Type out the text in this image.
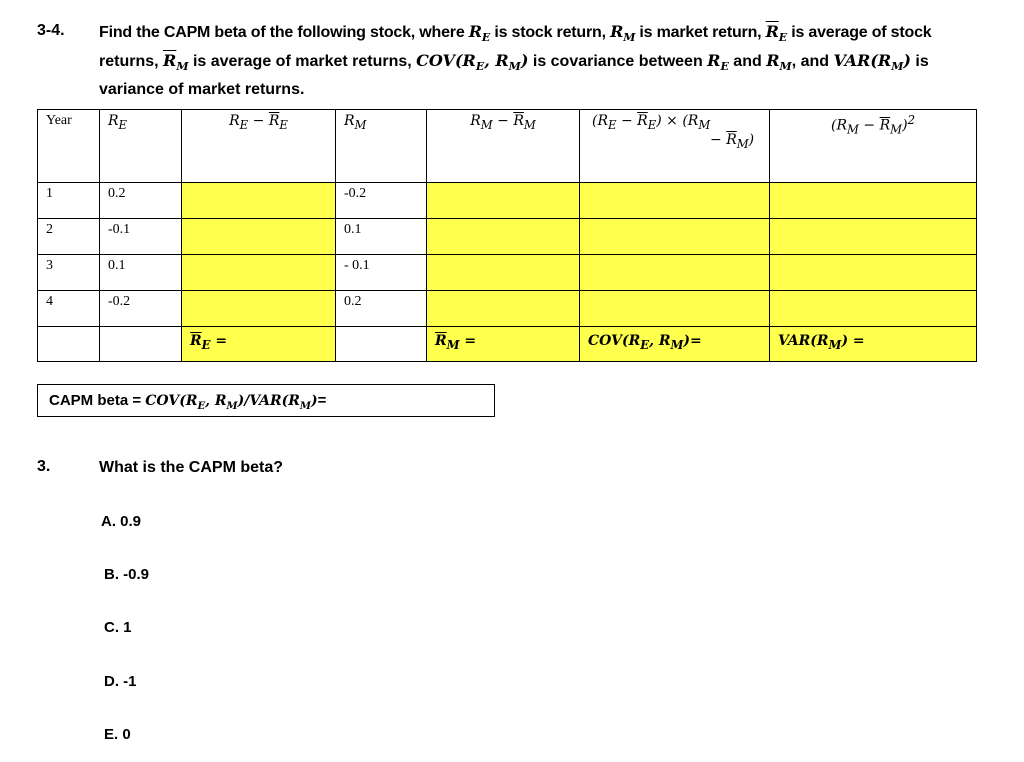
3-4. Find the CAPM beta of the following stock, where $R_E$ is stock return, $R_M$ is market return, $\overline{R}_E$ is average of stock
returns, $\overline{R}_M$ is average of market returns, $COV(R_E$, $R_M$) is covariance between $R_E$ and $R_M$, and $VAR(R_M)$ is
variance of market returns.
Year	$R_E$	$R_E - \overline{R}_E$	$R_M$	$R_M - \overline{R}_M$	$(R_E - \overline{R}_E) \times (R_M$
− $\overline{R}_M$)	$(R_M - \overline{R}_M)^2$

1	0.2		-0.2			

2	-0.1		0.1			

3	0.1		- 0.1			

4	-0.2		0.2			

		$\overline{R}_E$ =		$\overline{R}_M$ =	$COV(R_E$, $R_M)=$	$VAR(R_M)$ =
CAPM beta = $COV(R_E$, $R_M)/VAR(R_M)=$
3.	What is the CAPM beta?
A. 0.9
B. -0.9
C. 1
D. -1
E. 0
